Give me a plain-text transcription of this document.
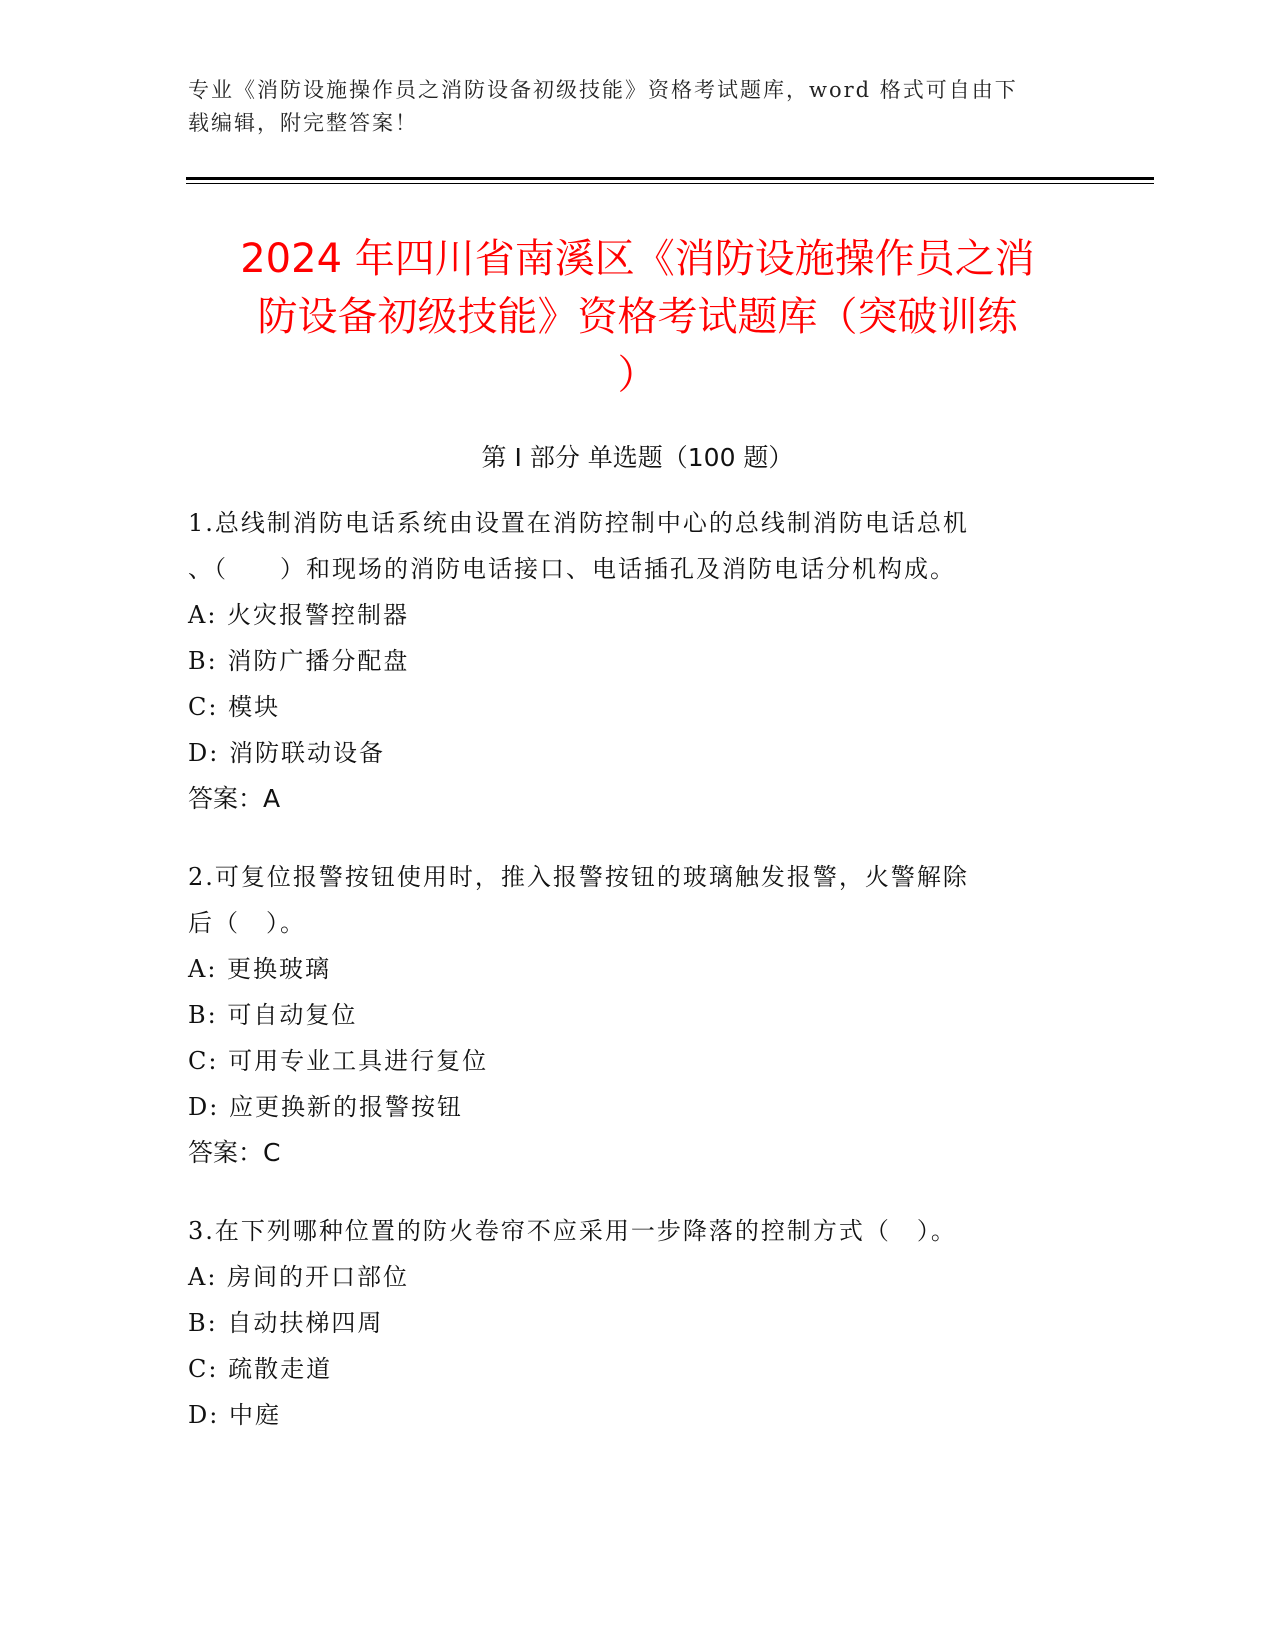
专业《消防设施操作员之消防设备初级技能》资格考试题库，word 格式可自由下
载编辑，附完整答案！
2024 年四川省南溪区《消防设施操作员之消
防设备初级技能》资格考试题库（突破训练
）
第 I 部分 单选题（100 题）
1.总线制消防电话系统由设置在消防控制中心的总线制消防电话总机
、（　　）和现场的消防电话接口、电话插孔及消防电话分机构成。
A: 火灾报警控制器
B: 消防广播分配盘
C: 模块
D: 消防联动设备
答案：A
2.可复位报警按钮使用时，推入报警按钮的玻璃触发报警，火警解除
后（　）。
A: 更换玻璃
B: 可自动复位
C: 可用专业工具进行复位
D: 应更换新的报警按钮
答案：C
3.在下列哪种位置的防火卷帘不应采用一步降落的控制方式（　）。
A: 房间的开口部位
B: 自动扶梯四周
C: 疏散走道
D: 中庭
